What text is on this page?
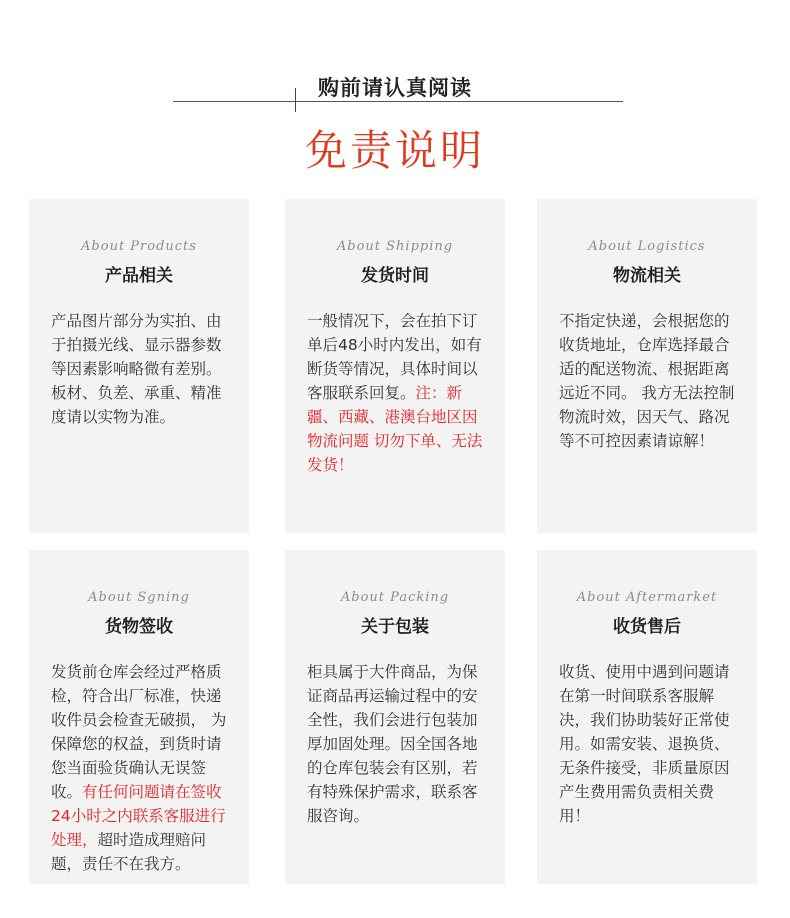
购前请认真阅读
免责说明
About Products
产品相关
产品图片部分为实拍、由于拍摄光线、显示器参数等因素影响略微有差别。板材、负差、承重、精准度请以实物为准。
About Shipping
发货时间
一般情况下，会在拍下订单后48小时内发出，如有断货等情况，具体时间以客服联系回复。注：新疆、西藏、港澳台地区因物流问题 切勿下单、无法发货！
About Logistics
物流相关
不指定快递，会根据您的收货地址，仓库选择最合适的配送物流、根据距离远近不同。 我方无法控制物流时效，因天气、路况等不可控因素请谅解！
About Sgning
货物签收
发货前仓库会经过严格质检，符合出厂标准，快递收件员会检查无破损， 为保障您的权益，到货时请您当面验货确认无误签收。有任何问题请在签收24小时之内联系客服进行处理，超时造成理赔问题，责任不在我方。
About Packing
关于包装
柜具属于大件商品，为保证商品再运输过程中的安全性，我们会进行包装加厚加固处理。因全国各地的仓库包装会有区别，若有特殊保护需求，联系客服咨询。
About Aftermarket
收货售后
收货、使用中遇到问题请在第一时间联系客服解决，我们协助装好正常使用。如需安装、退换货、无条件接受，非质量原因产生费用需负责相关费用！
